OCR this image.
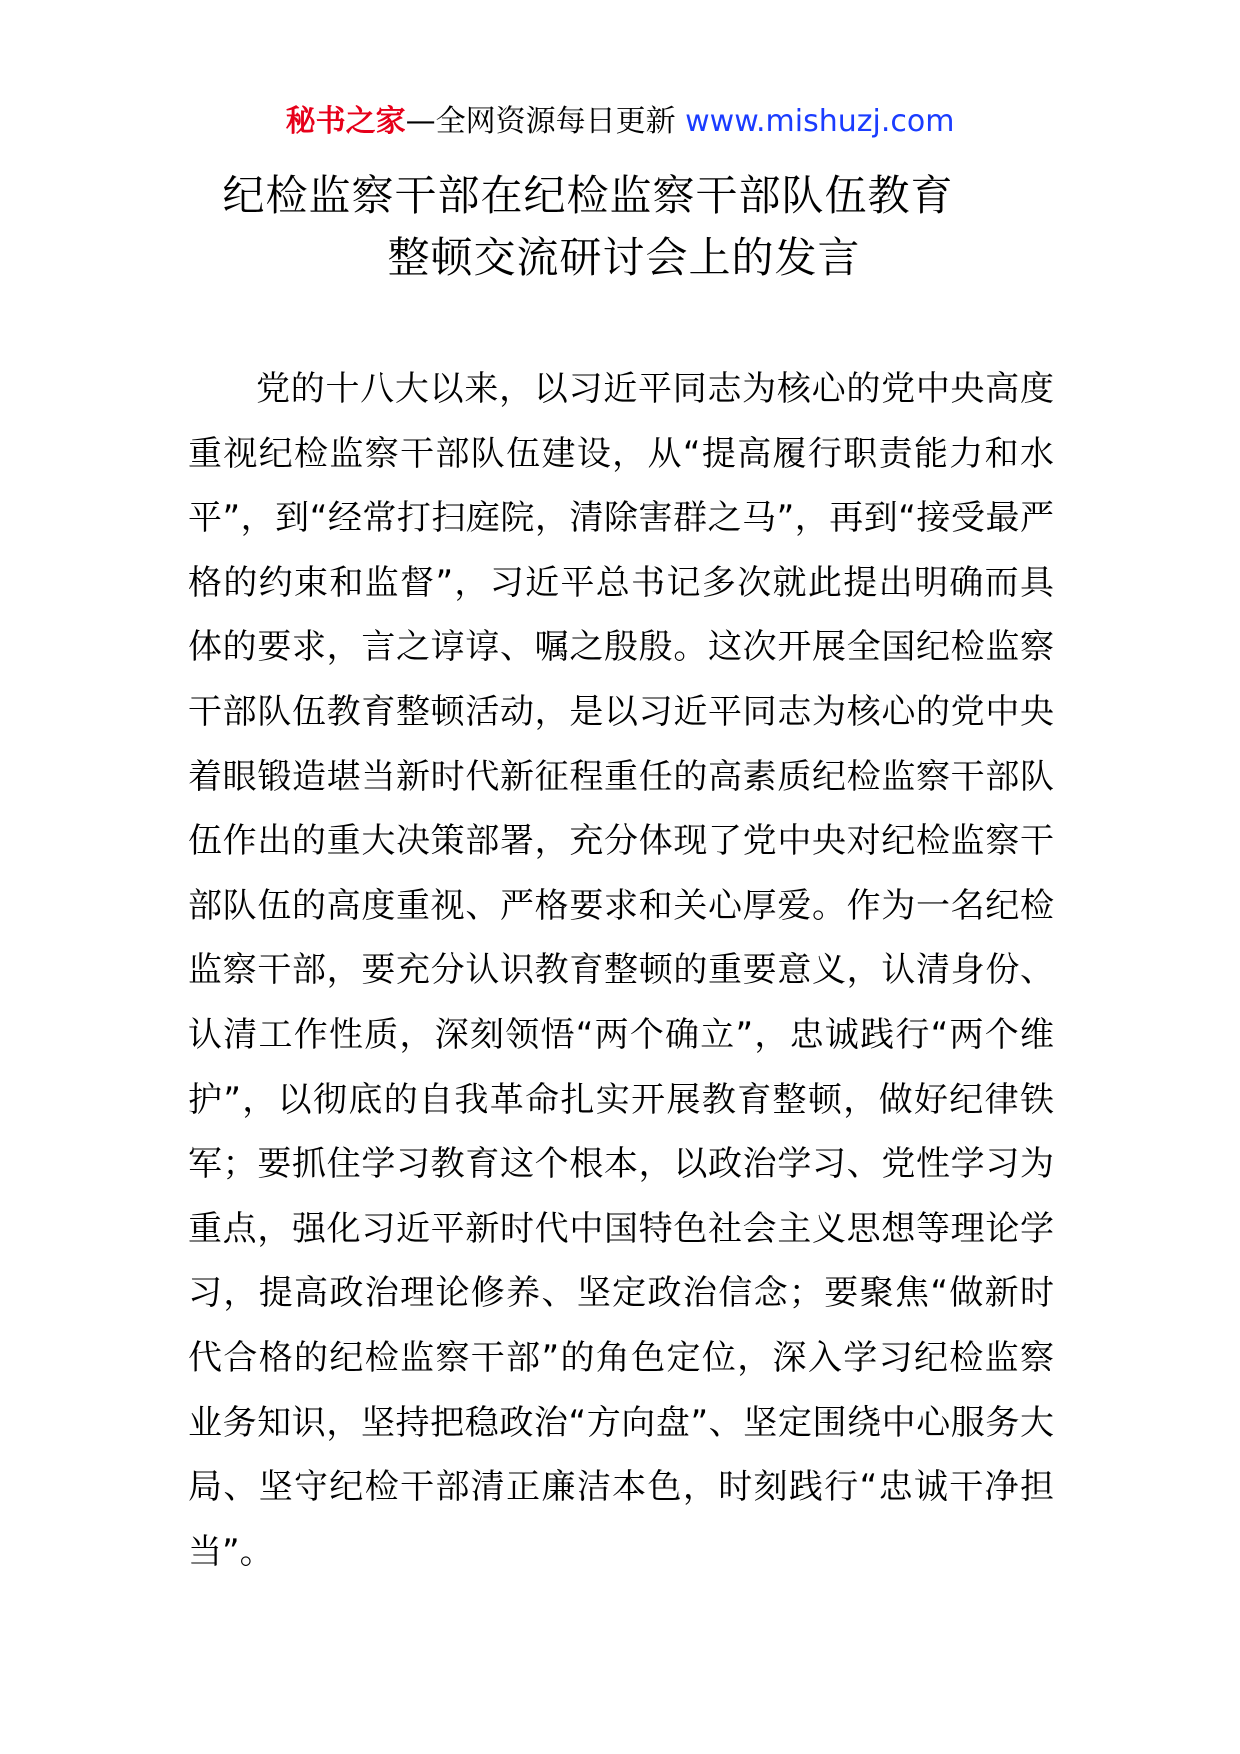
秘书之家—全网资源每日更新 www.mishuzj.com
纪检监察干部在纪检监察干部队伍教育
整顿交流研讨会上的发言

党的十八大以来，以习近平同志为核心的党中央高度重视纪检监察干部队伍建设，从“提高履行职责能力和水平”，到“经常打扫庭院，清除害群之马”，再到“接受最严格的约束和监督”，习近平总书记多次就此提出明确而具体的要求，言之谆谆、嘱之殷殷。这次开展全国纪检监察干部队伍教育整顿活动，是以习近平同志为核心的党中央着眼锻造堪当新时代新征程重任的高素质纪检监察干部队伍作出的重大决策部署，充分体现了党中央对纪检监察干部队伍的高度重视、严格要求和关心厚爱。作为一名纪检监察干部，要充分认识教育整顿的重要意义，认清身份、认清工作性质，深刻领悟“两个确立”，忠诚践行“两个维护”，以彻底的自我革命扎实开展教育整顿，做好纪律铁军；要抓住学习教育这个根本，以政治学习、党性学习为重点，强化习近平新时代中国特色社会主义思想等理论学习，提高政治理论修养、坚定政治信念；要聚焦“做新时代合格的纪检监察干部”的角色定位，深入学习纪检监察业务知识，坚持把稳政治“方向盘”、坚定围绕中心服务大局、坚守纪检干部清正廉洁本色，时刻践行“忠诚干净担当”。
